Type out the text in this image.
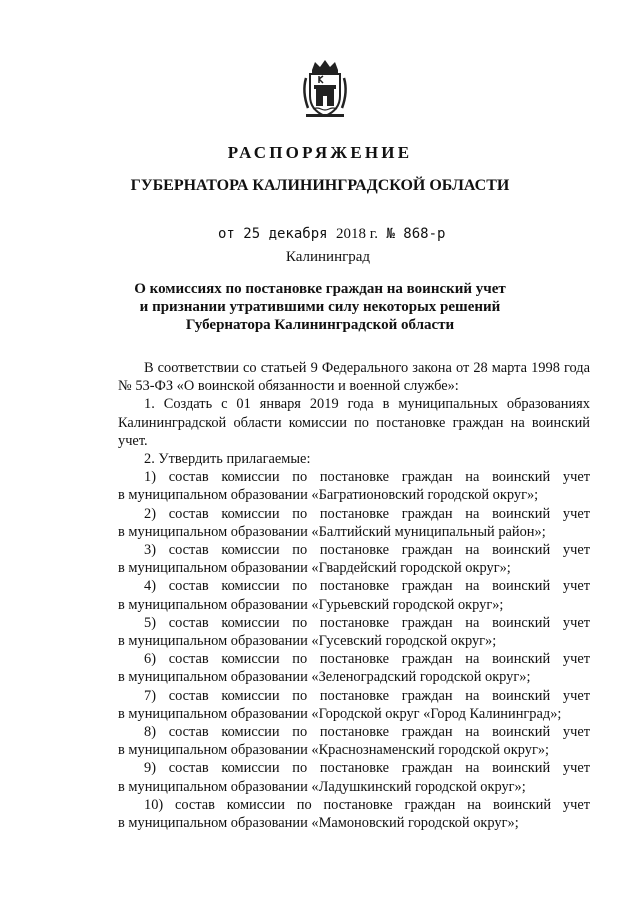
РАСПОРЯЖЕНИЕ
ГУБЕРНАТОРА КАЛИНИНГРАДСКОЙ ОБЛАСТИ
от 25 декабря 2018 г. № 868-р
Калининград
О комиссиях по постановке граждан на воинский учет
и признании утратившими силу некоторых решений
Губернатора Калининградской области

В соответствии со статьей 9 Федерального закона от 28 марта 1998 года № 53-ФЗ «О воинской обязанности и военной службе»:

1. Создать с 01 января 2019 года в муниципальных образованиях Калининградской области комиссии по постановке граждан на воинский учет.

2. Утвердить прилагаемые:

1) состав комиссии по постановке граждан на воинский учет
в муниципальном образовании «Багратионовский городской округ»;
2) состав комиссии по постановке граждан на воинский учет
в муниципальном образовании «Балтийский муниципальный район»;
3) состав комиссии по постановке граждан на воинский учет
в муниципальном образовании «Гвардейский городской округ»;
4) состав комиссии по постановке граждан на воинский учет
в муниципальном образовании «Гурьевский городской округ»;
5) состав комиссии по постановке граждан на воинский учет
в муниципальном образовании «Гусевский городской округ»;
6) состав комиссии по постановке граждан на воинский учет
в муниципальном образовании «Зеленоградский городской округ»;
7) состав комиссии по постановке граждан на воинский учет
в муниципальном образовании «Городской округ «Город Калининград»;
8) состав комиссии по постановке граждан на воинский учет
в муниципальном образовании «Краснознаменский городской округ»;
9) состав комиссии по постановке граждан на воинский учет
в муниципальном образовании «Ладушкинский городской округ»;
10) состав комиссии по постановке граждан на воинский учет
в муниципальном образовании «Мамоновский городской округ»;
